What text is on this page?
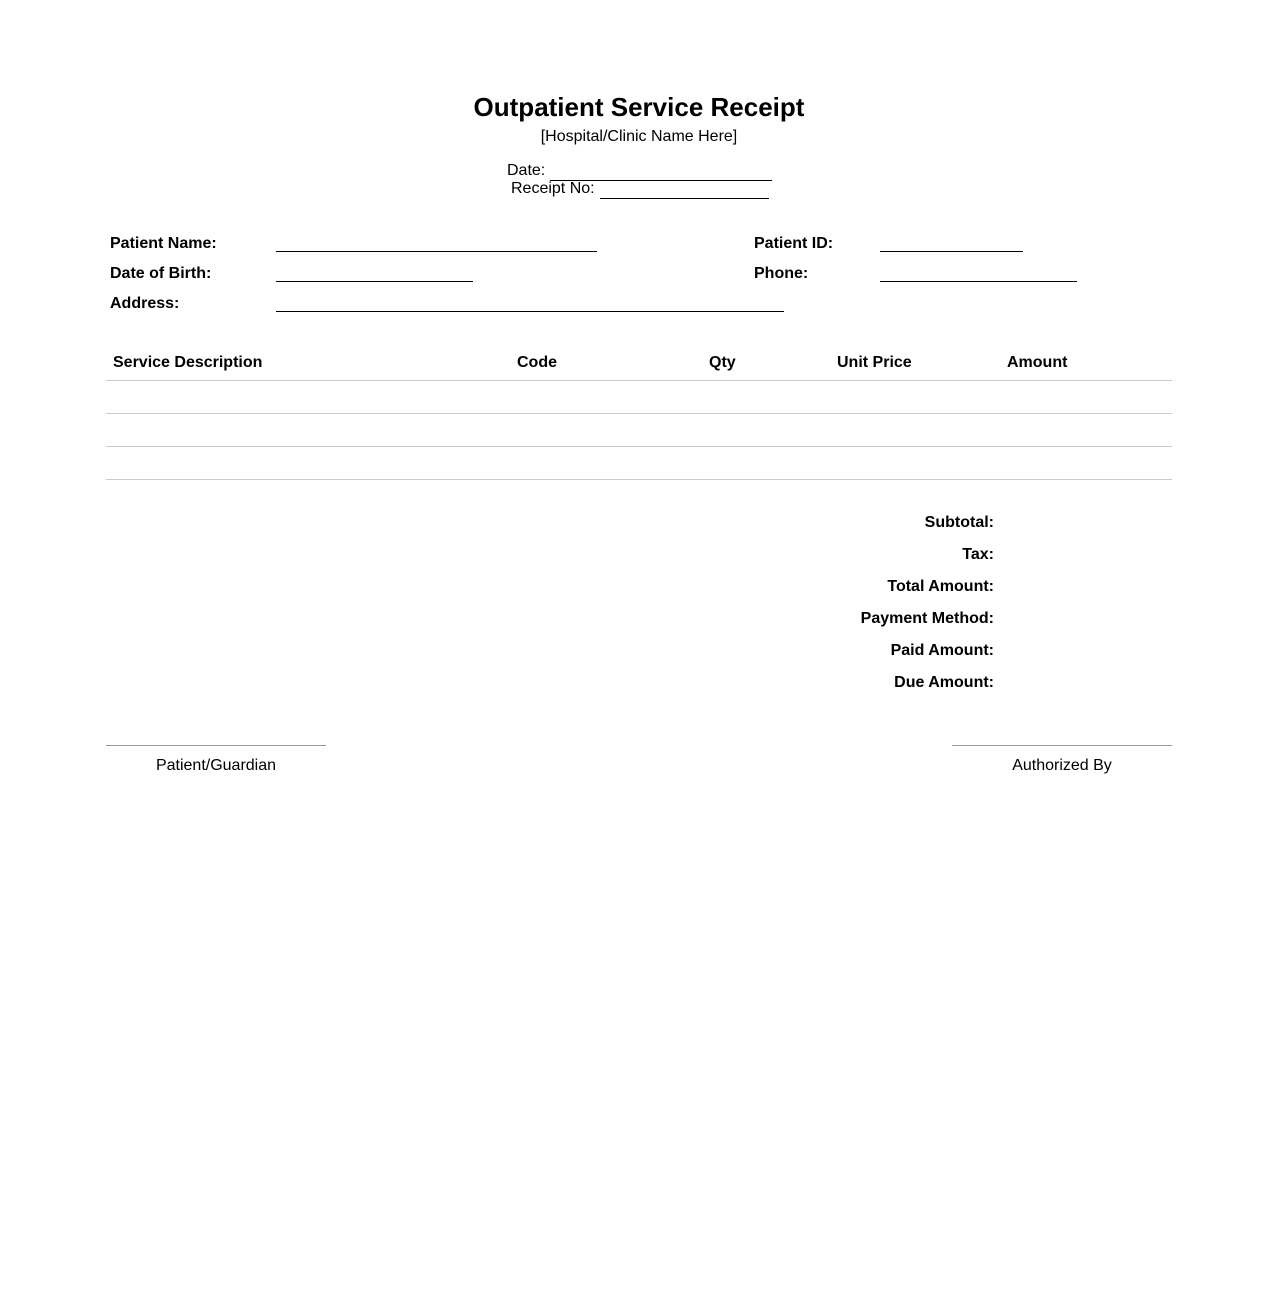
Outpatient Service Receipt
[Hospital/Clinic Name Here]
Date:
Receipt No:
Patient Name:
Date of Birth:
Address:
Patient ID:
Phone:
Service Description	Code	Qty	Unit Price	Amount
Subtotal:
Tax:
Total Amount:
Payment Method:
Paid Amount:
Due Amount:
Patient/Guardian	Authorized By
